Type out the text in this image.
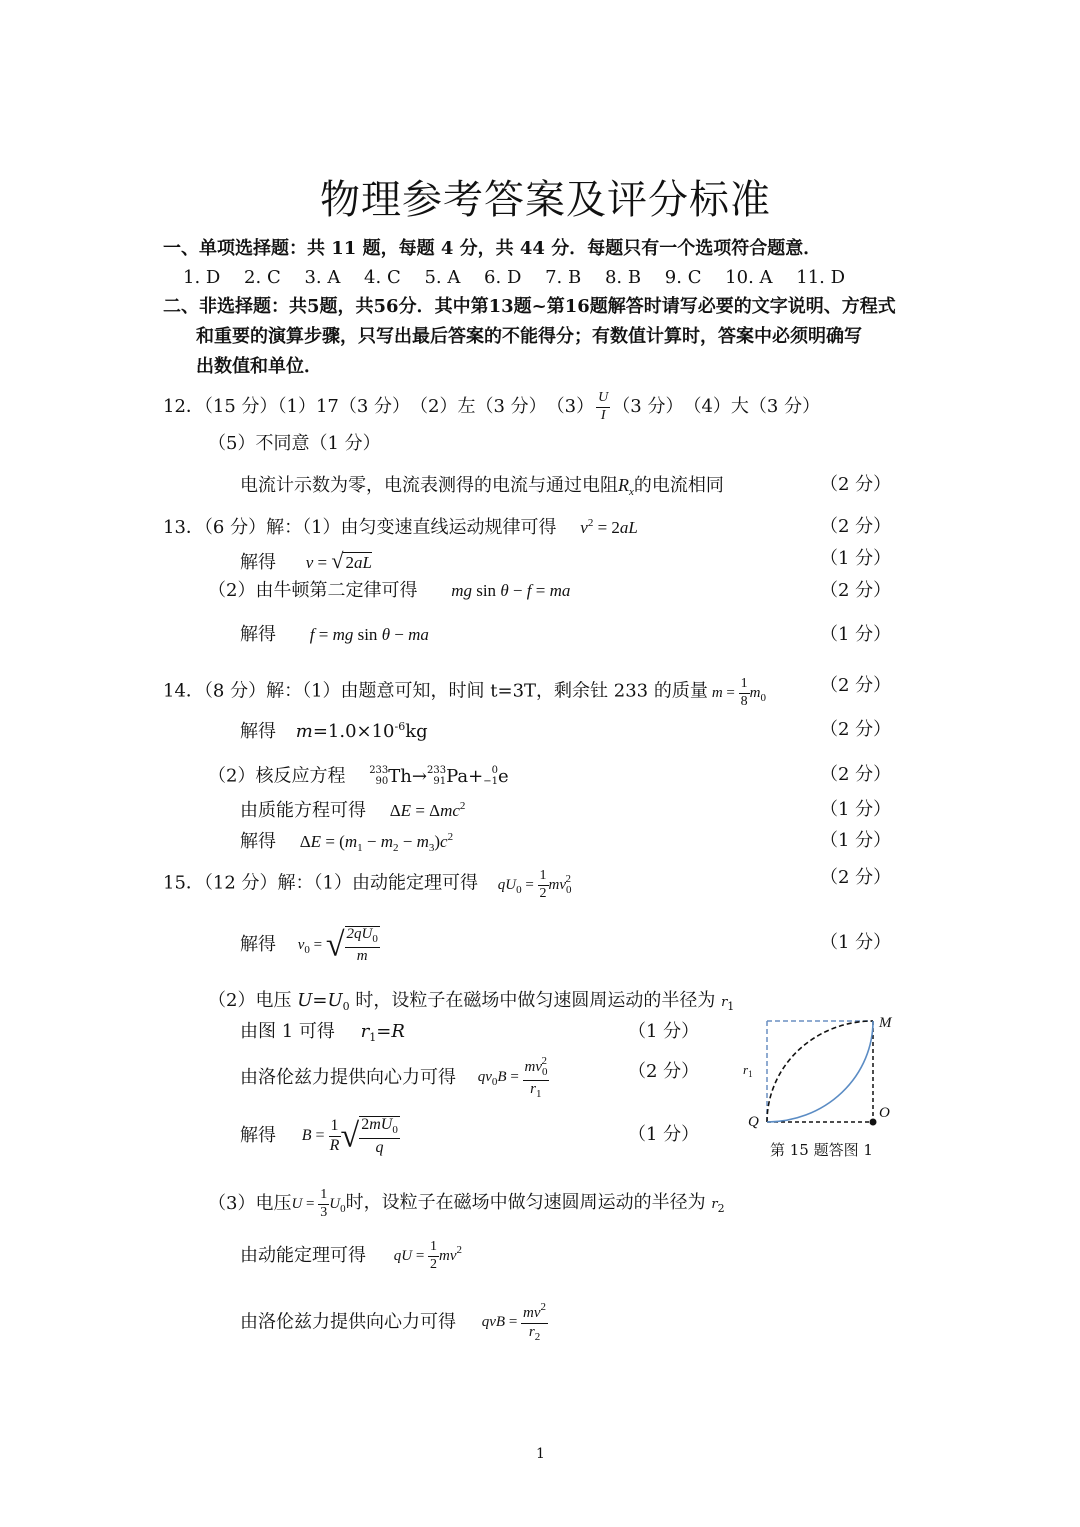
物理参考答案及评分标准
一、单项选择题：共 11 题，每题 4 分，共 44 分．每题只有一个选项符合题意．
1. D　 2. C　 3. A　 4. C　 5. A　 6. D　 7. B　 8. B　 9. C　 10. A　 11. D
二、非选择题：共5题，共56分．其中第13题~第16题解答时请写必要的文字说明、方程式
和重要的演算步骤，只写出最后答案的不能得分；有数值计算时，答案中必须明确写
出数值和单位．
12．（15 分）（1）17（3 分）　（2）左（3 分）　$(3) \frac{U}{I} (3$ 分）　（4）大（3 分）
（5）不同意（1 分）
电流计示数为零，电流表测得的电流与通过电阻$R_x$的电流相同	（2 分）
13．（6 分）解：（1）由匀变速直线运动规律可得 $v^2 = 2aL$	（2 分）
解得 v = √ 2aL	（1 分）
（2）由牛顿第二定律可得 mg sin θ − f = ma	（2 分）
解得 f = mg sin θ − ma	（1 分）
14．（8 分）解：（1）由题意可知，时间 t=3T，剩余钍 233 的质量 $m = \frac{1}{8} m_0$
（2 分）
解得 $m=1.0\times 10^{-6}kg$	（2 分）
（2）核反应方程 233
90Th→233
91Pa+ 0
−1e	（2 分）
由质能方程可得 ΔE = Δmc$^2$	（1 分）
解得 $\Delta E = (m_1 - m_2 - m_3)c^2$	（1 分）
15．（12 分）解：（1）由动能定理可得 $qU_0 = \frac{1}{2} mv_0^2$	（2 分）
解得 $v_0$ = √ $\frac{2qU_0}{m}$	（1 分）
（2）电压 $U=U_0$ 时，设粒子在磁场中做匀速圆周运动的半径为 $r_1$
由图 1 可得 $r_1=R$	（1 分）
由洛伦兹力提供向心力可得 $qv_0B = \frac{mv_0^2}{r_1}$	（2 分）
解得 $B = \frac{1}{R}$ √ $\frac{2mU_0}{q}$	（1 分）
（3）电压$U = \frac{1}{3} U_0$时，设粒子在磁场中做匀速圆周运动的半径为 $r_2$
由动能定理可得 qU = $\frac{1}{2} mv^2$
由洛伦兹力提供向心力可得 qvB = $\frac{mv^2}{r_2}$
M
O
Q
$r_1$
第 15 题答图 1
1
